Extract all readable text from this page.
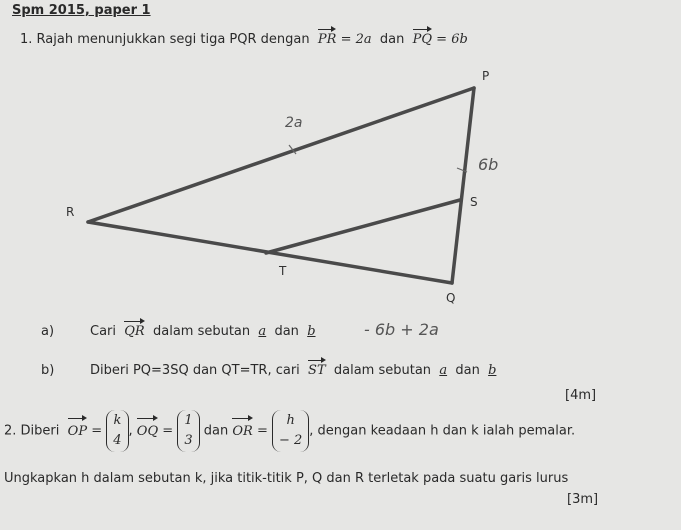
Spm 2015, paper 1
1. Rajah menunjukkan segi tiga PQR dengan PR = 2a dan PQ = 6b
P
R
S
T
Q
2a
6b
a)	Cari QR dalam sebutan a dan b	- 6b + 2a
b)	Diberi PQ=3SQ dan QT=TR, cari ST dalam sebutan a dan b
[4m]
2. Diberi OP = k
4, OQ = 1
3 dan OR = h
− 2, dengan keadaan h dan k ialah pemalar.
Ungkapkan h dalam sebutan k, jika titik-titik P, Q dan R terletak pada suatu garis lurus
[3m]
